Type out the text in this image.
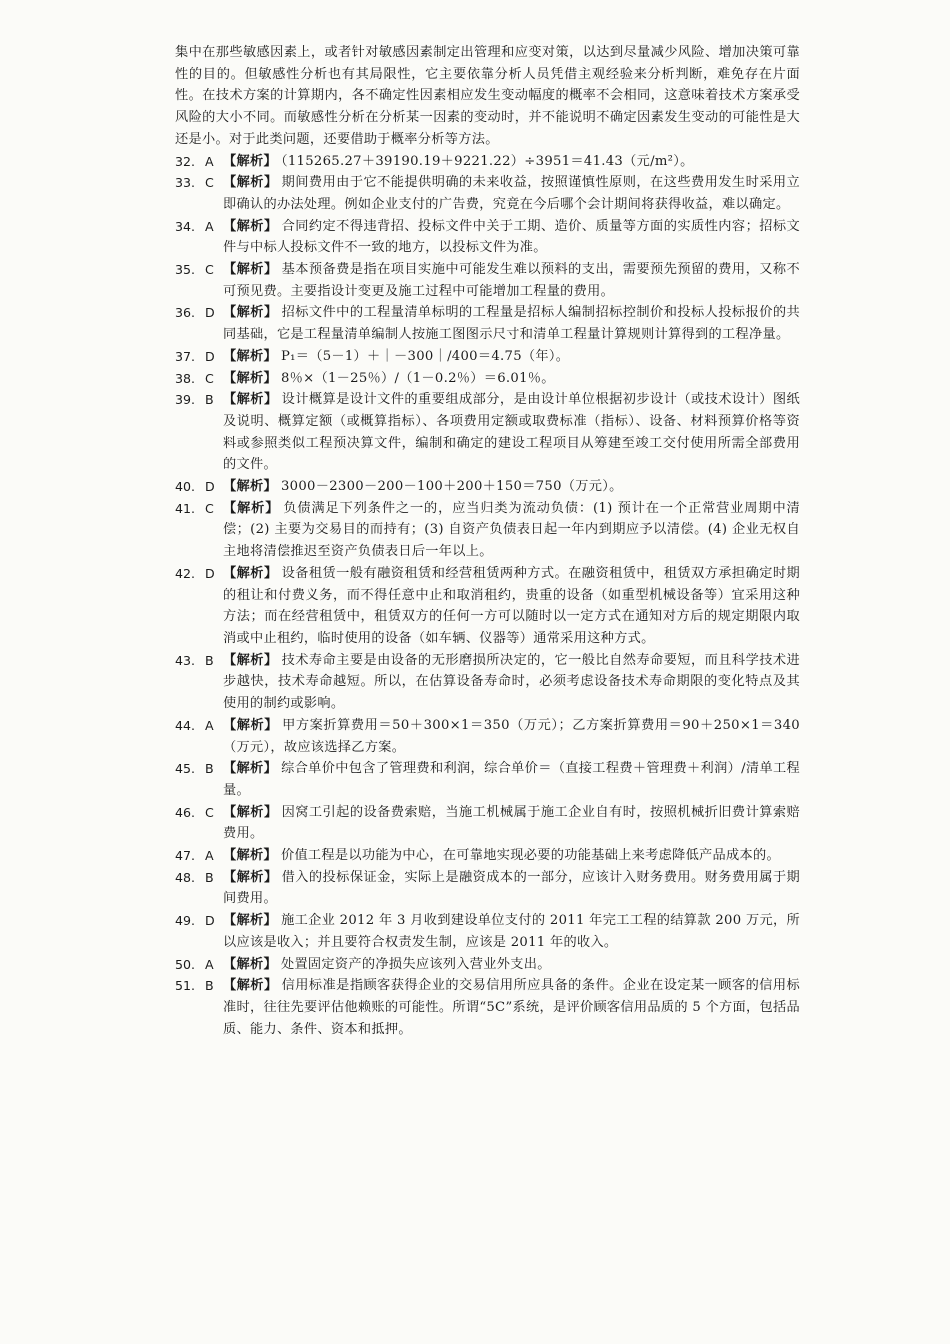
集中在那些敏感因素上，或者针对敏感因素制定出管理和应变对策，以达到尽量减少风险、增加决策可靠性的目的。但敏感性分析也有其局限性，它主要依靠分析人员凭借主观经验来分析判断，难免存在片面性。在技术方案的计算期内，各不确定性因素相应发生变动幅度的概率不会相同，这意味着技术方案承受风险的大小不同。而敏感性分析在分析某一因素的变动时，并不能说明不确定因素发生变动的可能性是大还是小。对于此类问题，还要借助于概率分析等方法。
32. A 【解析】 （115265.27＋39190.19＋9221.22）÷3951＝41.43（元/m²）。
33. C 【解析】 期间费用由于它不能提供明确的未来收益，按照谨慎性原则，在这些费用发生时采用立即确认的办法处理。例如企业支付的广告费，究竟在今后哪个会计期间将获得收益，难以确定。
34. A 【解析】 合同约定不得违背招、投标文件中关于工期、造价、质量等方面的实质性内容；招标文件与中标人投标文件不一致的地方，以投标文件为准。
35. C 【解析】 基本预备费是指在项目实施中可能发生难以预料的支出，需要预先预留的费用，又称不可预见费。主要指设计变更及施工过程中可能增加工程量的费用。
36. D 【解析】 招标文件中的工程量清单标明的工程量是招标人编制招标控制价和投标人投标报价的共同基础，它是工程量清单编制人按施工图图示尺寸和清单工程量计算规则计算得到的工程净量。
37. D 【解析】 P₁＝（5－1）＋｜－300｜/400＝4.75（年）。
38. C 【解析】 8％×（1－25％）/（1－0.2％）＝6.01％。
39. B 【解析】 设计概算是设计文件的重要组成部分，是由设计单位根据初步设计（或技术设计）图纸及说明、概算定额（或概算指标）、各项费用定额或取费标准（指标）、设备、材料预算价格等资料或参照类似工程预决算文件，编制和确定的建设工程项目从筹建至竣工交付使用所需全部费用的文件。
40. D 【解析】 3000－2300－200－100＋200＋150＝750（万元）。
41. C 【解析】 负债满足下列条件之一的，应当归类为流动负债：(1) 预计在一个正常营业周期中清偿；(2) 主要为交易目的而持有；(3) 自资产负债表日起一年内到期应予以清偿。(4) 企业无权自主地将清偿推迟至资产负债表日后一年以上。
42. D 【解析】 设备租赁一般有融资租赁和经营租赁两种方式。在融资租赁中，租赁双方承担确定时期的租让和付费义务，而不得任意中止和取消租约，贵重的设备（如重型机械设备等）宜采用这种方法；而在经营租赁中，租赁双方的任何一方可以随时以一定方式在通知对方后的规定期限内取消或中止租约，临时使用的设备（如车辆、仪器等）通常采用这种方式。
43. B 【解析】 技术寿命主要是由设备的无形磨损所决定的，它一般比自然寿命要短，而且科学技术进步越快，技术寿命越短。所以，在估算设备寿命时，必须考虑设备技术寿命期限的变化特点及其使用的制约或影响。
44. A 【解析】 甲方案折算费用＝50＋300×1＝350（万元）；乙方案折算费用＝90＋250×1＝340（万元），故应该选择乙方案。
45. B 【解析】 综合单价中包含了管理费和利润，综合单价＝（直接工程费＋管理费＋利润）/清单工程量。
46. C 【解析】 因窝工引起的设备费索赔，当施工机械属于施工企业自有时，按照机械折旧费计算索赔费用。
47. A 【解析】 价值工程是以功能为中心，在可靠地实现必要的功能基础上来考虑降低产品成本的。
48. B 【解析】 借入的投标保证金，实际上是融资成本的一部分，应该计入财务费用。财务费用属于期间费用。
49. D 【解析】 施工企业 2012 年 3 月收到建设单位支付的 2011 年完工工程的结算款 200 万元，所以应该是收入；并且要符合权责发生制，应该是 2011 年的收入。
50. A 【解析】 处置固定资产的净损失应该列入营业外支出。
51. B 【解析】 信用标准是指顾客获得企业的交易信用所应具备的条件。企业在设定某一顾客的信用标准时，往往先要评估他赖账的可能性。所谓“5C”系统，是评价顾客信用品质的 5 个方面，包括品质、能力、条件、资本和抵押。
